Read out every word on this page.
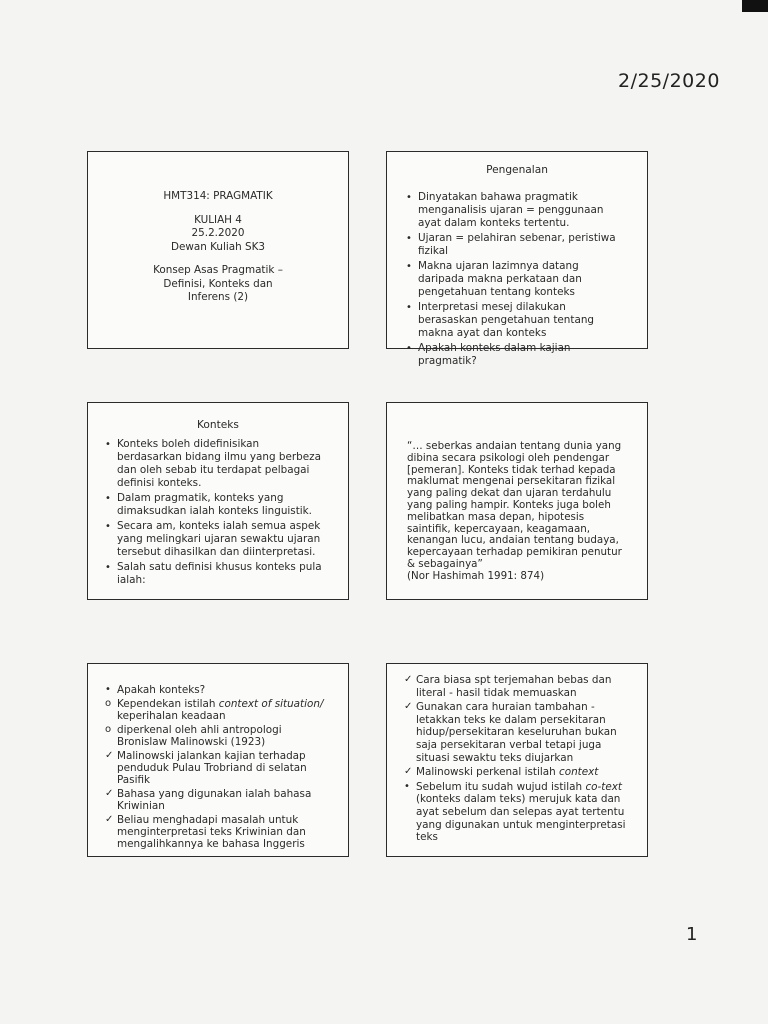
2/25/2020
HMT314: PRAGMATIK
KULIAH 4
25.2.2020
Dewan Kuliah SK3
Konsep Asas Pragmatik –
Definisi, Konteks dan
Inferens (2)
Pengenalan
• Dinyatakan bahawa pragmatik menganalisis ujaran = penggunaan ayat dalam konteks tertentu.
• Ujaran = pelahiran sebenar, peristiwa fizikal
• Makna ujaran lazimnya datang daripada makna perkataan dan pengetahuan tentang konteks
• Interpretasi mesej dilakukan berasaskan pengetahuan tentang makna ayat dan konteks
• Apakah konteks dalam kajian pragmatik?
Konteks
• Konteks boleh didefinisikan berdasarkan bidang ilmu yang berbeza dan oleh sebab itu terdapat pelbagai definisi konteks.
• Dalam pragmatik, konteks yang dimaksudkan ialah konteks linguistik.
• Secara am, konteks ialah semua aspek yang melingkari ujaran sewaktu ujaran tersebut dihasilkan dan diinterpretasi.
• Salah satu definisi khusus konteks pula ialah:
“… seberkas andaian tentang dunia yang dibina secara psikologi oleh pendengar [pemeran]. Konteks tidak terhad kepada maklumat mengenai persekitaran fizikal yang paling dekat dan ujaran terdahulu yang paling hampir. Konteks juga boleh melibatkan masa depan, hipotesis saintifik, kepercayaan, keagamaan, kenangan lucu, andaian tentang budaya, kepercayaan terhadap pemikiran penutur & sebagainya”
(Nor Hashimah 1991: 874)
• Apakah konteks?
o Kependekan istilah context of situation/ keperihalan keadaan
o diperkenal oleh ahli antropologi Bronislaw Malinowski (1923)
✓ Malinowski jalankan kajian terhadap penduduk Pulau Trobriand di selatan Pasifik
✓ Bahasa yang digunakan ialah bahasa Kriwinian
✓ Beliau menghadapi masalah untuk menginterpretasi teks Kriwinian dan mengalihkannya ke bahasa Inggeris
✓ Cara biasa spt terjemahan bebas dan literal - hasil tidak memuaskan
✓ Gunakan cara huraian tambahan - letakkan teks ke dalam persekitaran hidup/persekitaran keseluruhan bukan saja persekitaran verbal tetapi juga situasi sewaktu teks diujarkan
✓ Malinowski perkenal istilah context
• Sebelum itu sudah wujud istilah co-text (konteks dalam teks) merujuk kata dan ayat sebelum dan selepas ayat tertentu yang digunakan untuk menginterpretasi teks
1
